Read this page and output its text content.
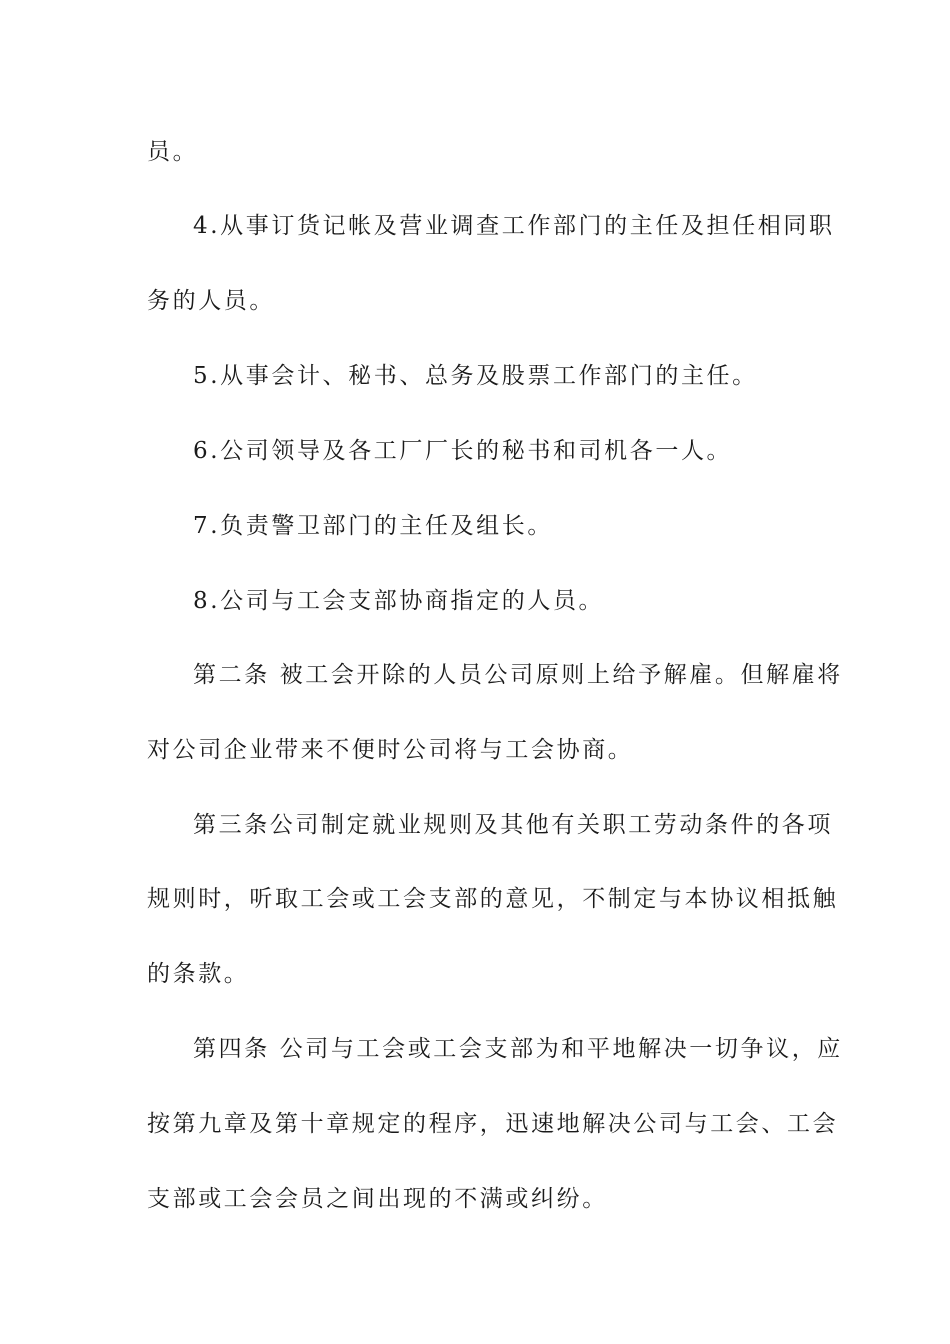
员。
4.从事订货记帐及营业调查工作部门的主任及担任相同职
务的人员。
5.从事会计、秘书、总务及股票工作部门的主任。
6.公司领导及各工厂厂长的秘书和司机各一人。
7.负责警卫部门的主任及组长。
8.公司与工会支部协商指定的人员。
第二条 被工会开除的人员公司原则上给予解雇。但解雇将
对公司企业带来不便时公司将与工会协商。
第三条公司制定就业规则及其他有关职工劳动条件的各项
规则时，听取工会或工会支部的意见，不制定与本协议相抵触
的条款。
第四条 公司与工会或工会支部为和平地解决一切争议，应
按第九章及第十章规定的程序，迅速地解决公司与工会、工会
支部或工会会员之间出现的不满或纠纷。
